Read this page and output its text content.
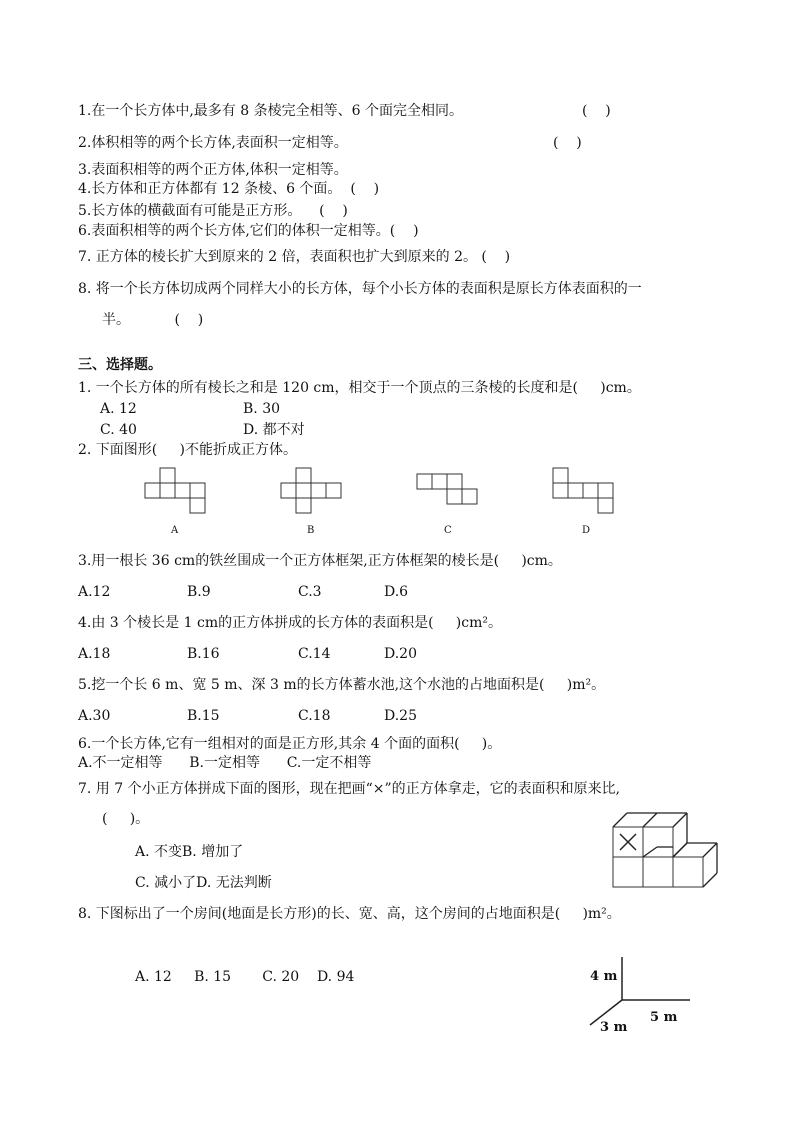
1.在一个长方体中,最多有 8 条棱完全相等、6 个面完全相同。	(    )
2.体积相等的两个长方体,表面积一定相等。	(    )
3.表面积相等的两个正方体,体积一定相等。
4.长方体和正方体都有 12 条棱、6 个面。  (    )
5.长方体的横截面有可能是正方形。    (    )
6.表面积相等的两个长方体,它们的体积一定相等。(    )
7. 正方体的棱长扩大到原来的 2 倍，表面积也扩大到原来的 2。 (    )
8. 将一个长方体切成两个同样大小的长方体，每个小长方体的表面积是原长方体表面积的一
半。          (    )
三、选择题。
1. 一个长方体的所有棱长之和是 120 cm，相交于一个顶点的三条棱的长度和是(     )cm。
A. 12	B. 30
C. 40	D. 都不对
2. 下面图形(     )不能折成正方体。
A	B	C	D
3.用一根长 36 cm的铁丝围成一个正方体框架,正方体框架的棱长是(     )cm。
A.12	B.9	C.3	D.6
4.由 3 个棱长是 1 cm的正方体拼成的长方体的表面积是(     )cm²。
A.18	B.16	C.14	D.20
5.挖一个长 6 m、宽 5 m、深 3 m的长方体蓄水池,这个水池的占地面积是(     )m²。
A.30	B.15	C.18	D.25
6.一个长方体,它有一组相对的面是正方形,其余 4 个面的面积(     )。
A.不一定相等      B.一定相等      C.一定不相等
7. 用 7 个小正方体拼成下面的图形，现在把画“×”的正方体拿走，它的表面积和原来比,
(     )。
A. 不变B. 增加了
C. 减小了D. 无法判断
8. 下图标出了一个房间(地面是长方形)的长、宽、高，这个房间的占地面积是(     )m²。
A. 12     B. 15       C. 20    D. 94	4 m
5 m
3 m
